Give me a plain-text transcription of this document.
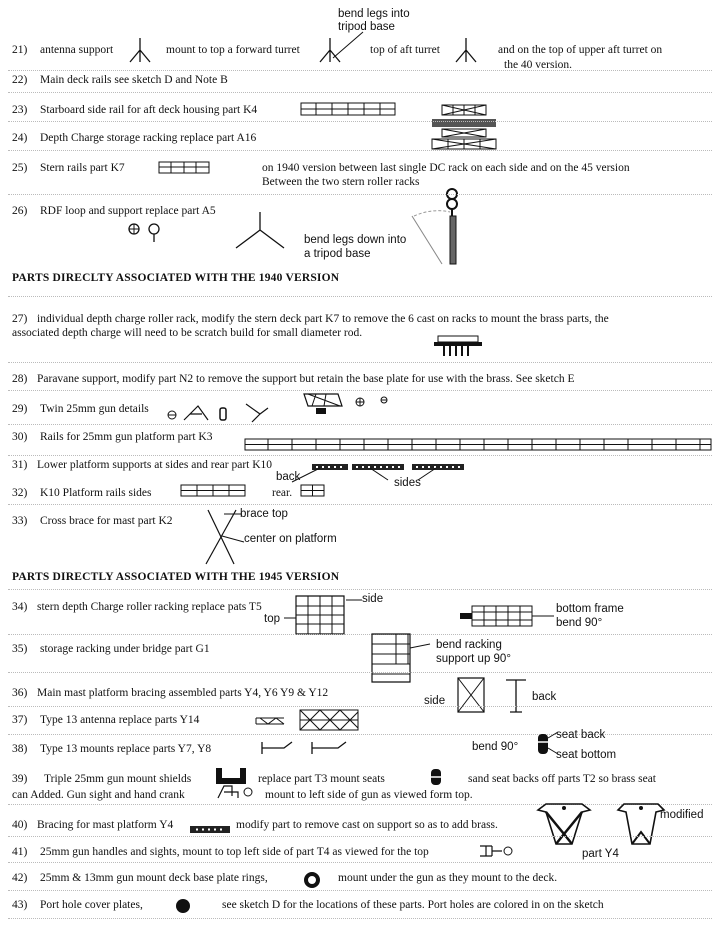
bend legs into
tripod base
21) antenna support	mount to top a forward turret	top of aft turret	and on the top of upper aft turret on
the 40 version.
22) Main deck rails see sketch D and Note B
23) Starboard side rail for aft deck housing part K4
24) Depth Charge storage racking replace part A16
25) Stern rails part K7	on 1940 version between last single DC rack on each side and on the 45 version
Between the two stern roller racks
26) RDF loop and support replace part A5
bend legs down into
a tripod base
PARTS DIRECLTY ASSOCIATED WITH THE 1940 VERSION
27) individual depth charge roller rack, modify the stern deck part K7 to remove the 6 cast on racks to mount the brass parts, the
associated depth charge will need to be scratch build for small diameter rod.
28) Paravane support, modify part N2 to remove the support but retain the base plate for use with the brass. See sketch E
29) Twin 25mm gun details
30) Rails for 25mm gun platform part K3
31) Lower platform supports at sides and rear part K10
back	sides
32) K10 Platform rails sides	rear.
33) Cross brace for mast part K2
brace top
center on platform
PARTS DIRECTLY ASSOCIATED WITH THE 1945 VERSION
34) stern depth Charge roller racking replace pats T5
side
top
bottom frame
bend 90°
35) storage racking under bridge part G1	bend racking
support up 90°
36) Main mast platform bracing assembled parts Y4, Y6 Y9 & Y12
side	back
37) Type 13 antenna replace parts Y14
38) Type 13 mounts replace parts Y7, Y8	bend 90°
seat back
seat bottom
39) Triple 25mm gun mount shields	replace part T3 mount seats	sand seat backs off parts T2 so brass seat
can Added. Gun sight and hand crank	mount to left side of gun as viewed form top.
40) Bracing for mast platform Y4	modify part to remove cast on support so as to add brass.
modified
part Y4
41) 25mm gun handles and sights, mount to top left side of part T4 as viewed for the top
42) 25mm & 13mm gun mount deck base plate rings,	mount under the gun as they mount to the deck.
43) Port hole cover plates,	see sketch D for the locations of these parts. Port holes are colored in on the sketch
